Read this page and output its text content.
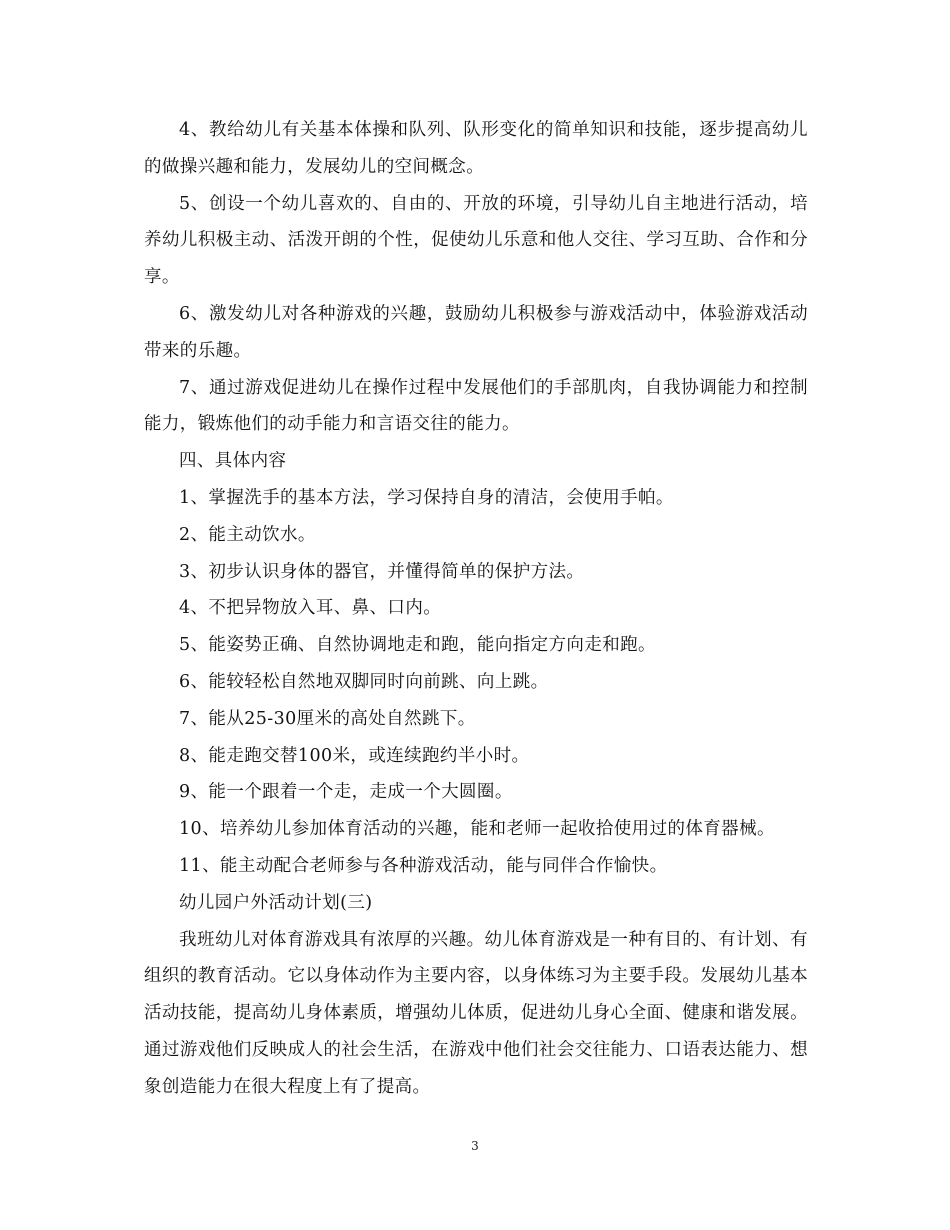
4、教给幼儿有关基本体操和队列、队形变化的简单知识和技能，逐步提高幼儿的做操兴趣和能力，发展幼儿的空间概念。

5、创设一个幼儿喜欢的、自由的、开放的环境，引导幼儿自主地进行活动，培养幼儿积极主动、活泼开朗的个性，促使幼儿乐意和他人交往、学习互助、合作和分享。

6、激发幼儿对各种游戏的兴趣，鼓励幼儿积极参与游戏活动中，体验游戏活动带来的乐趣。

7、通过游戏促进幼儿在操作过程中发展他们的手部肌肉，自我协调能力和控制能力，锻炼他们的动手能力和言语交往的能力。

四、具体内容

1、掌握洗手的基本方法，学习保持自身的清洁，会使用手帕。

2、能主动饮水。

3、初步认识身体的器官，并懂得简单的保护方法。

4、不把异物放入耳、鼻、口内。

5、能姿势正确、自然协调地走和跑，能向指定方向走和跑。

6、能较轻松自然地双脚同时向前跳、向上跳。

7、能从25-30厘米的高处自然跳下。

8、能走跑交替100米，或连续跑约半小时。

9、能一个跟着一个走，走成一个大圆圈。

10、培养幼儿参加体育活动的兴趣，能和老师一起收拾使用过的体育器械。

11、能主动配合老师参与各种游戏活动，能与同伴合作愉快。

幼儿园户外活动计划(三)

我班幼儿对体育游戏具有浓厚的兴趣。幼儿体育游戏是一种有目的、有计划、有组织的教育活动。它以身体动作为主要内容，以身体练习为主要手段。发展幼儿基本活动技能，提高幼儿身体素质，增强幼儿体质，促进幼儿身心全面、健康和谐发展。通过游戏他们反映成人的社会生活，在游戏中他们社会交往能力、口语表达能力、想象创造能力在很大程度上有了提高。

3
